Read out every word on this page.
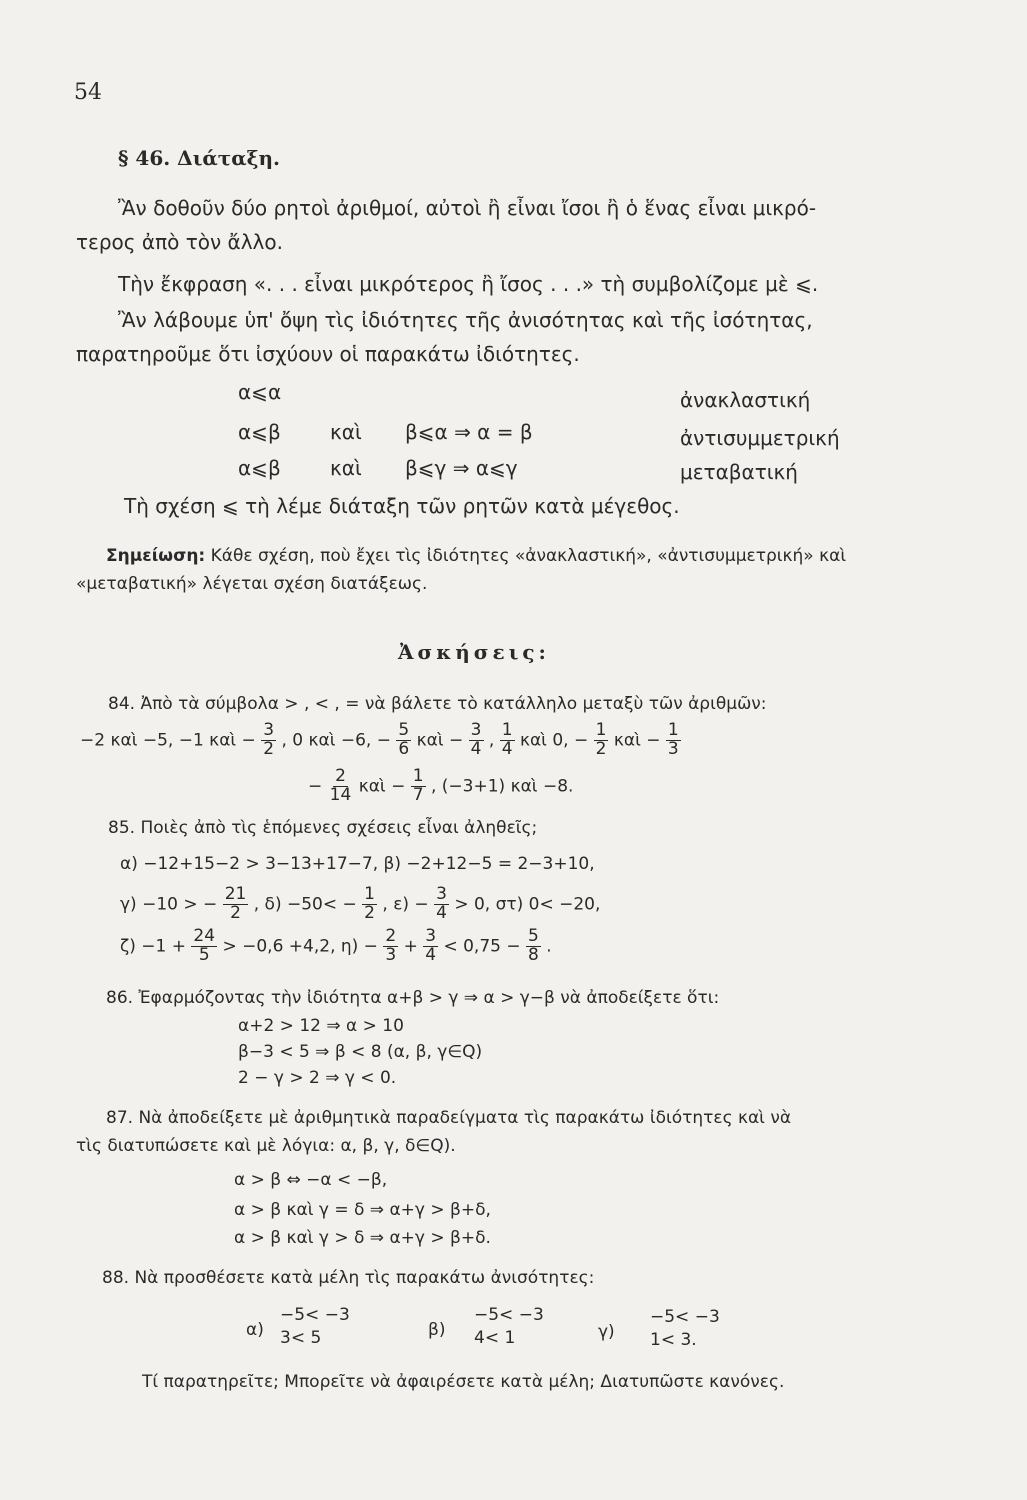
54
§ 46. Διάταξη.
Ἂν δοθοῦν δύο ρητοὶ ἀριθμοί, αὐτοὶ ἢ εἶναι ἴσοι ἢ ὁ ἕνας εἶναι μικρό-
τερος ἀπὸ τὸν ἄλλο.
Τὴν ἔκφραση «. . . εἶναι μικρότερος ἢ ἴσος . . .» τὴ συμβολίζομε μὲ ⩽.
Ἂν λάβουμε ὑπ' ὄψη τὶς ἰδιότητες τῆς ἀνισότητας καὶ τῆς ἰσότητας,
παρατηροῦμε ὅτι ἰσχύουν οἱ παρακάτω ἰδιότητες.
α⩽α	ἀνακλαστική
α⩽β καὶ β⩽α ⇒ α = β	ἀντισυμμετρική
α⩽β καὶ β⩽γ ⇒ α⩽γ	μεταβατική
Τὴ σχέση ⩽ τὴ λέμε διάταξη τῶν ρητῶν κατὰ μέγεθος.
Σημείωση: Κάθε σχέση, ποὺ ἔχει τὶς ἰδιότητες «ἀνακλαστική», «ἀντισυμμετρική» καὶ
«μεταβατική» λέγεται σχέση διατάξεως.
Ἀσκήσεις:
84. Ἀπὸ τὰ σύμβολα > , < , = νὰ βάλετε τὸ κατάλληλο μεταξὺ τῶν ἀριθμῶν:
−2 καὶ −5, −1 καὶ − $\frac{3}{2}$ , 0 καὶ −6, − $\frac{5}{6}$ καὶ − $\frac{3}{4}$ , $\frac{1}{4}$ καὶ 0, − $\frac{1}{2}$ καὶ − $\frac{1}{3}$
− $\frac{2}{14}$ καὶ − $\frac{1}{7}$ , (−3+1) καὶ −8.
85. Ποιὲς ἀπὸ τὶς ἑπόμενες σχέσεις εἶναι ἀληθεῖς;
α) −12+15−2 > 3−13+17−7, β) −2+12−5 = 2−3+10,
γ) −10 > − $\frac{21}{2}$ , $\delta) -50< - \frac{1}{2}$ , $\varepsilon) - \frac{3}{4} > 0$, στ) 0< −20,
$\zeta) -1 + \frac{24}{5} > -0,6 +4,2$, $\eta) - \frac{2}{3} + \frac{3}{4} < 0,75 - \frac{5}{8}$ .
86. Ἐφαρμόζοντας τὴν ἰδιότητα α+β > γ ⇒ α > γ−β νὰ ἀποδείξετε ὅτι:
α+2 > 12 ⇒ α > 10
β−3 < 5 ⇒ β < 8 (α, β, γ∈Q)
2 − γ > 2 ⇒ γ < 0.
87. Νὰ ἀποδείξετε μὲ ἀριθμητικὰ παραδείγματα τὶς παρακάτω ἰδιότητες καὶ νὰ
τὶς διατυπώσετε καὶ μὲ λόγια: α, β, γ, δ∈Q).
α > β ⇔ −α < −β,
α > β καὶ γ = δ ⇒ α+γ > β+δ,
α > β καὶ γ > δ ⇒ α+γ > β+δ.
88. Νὰ προσθέσετε κατὰ μέλη τὶς παρακάτω ἀνισότητες:
α)
−5< −3
3< 5	β)
−5< −3
4< 1	γ)
−5< −3
1< 3.
Τί παρατηρεῖτε; Μπορεῖτε νὰ ἀφαιρέσετε κατὰ μέλη; Διατυπῶστε κανόνες.
